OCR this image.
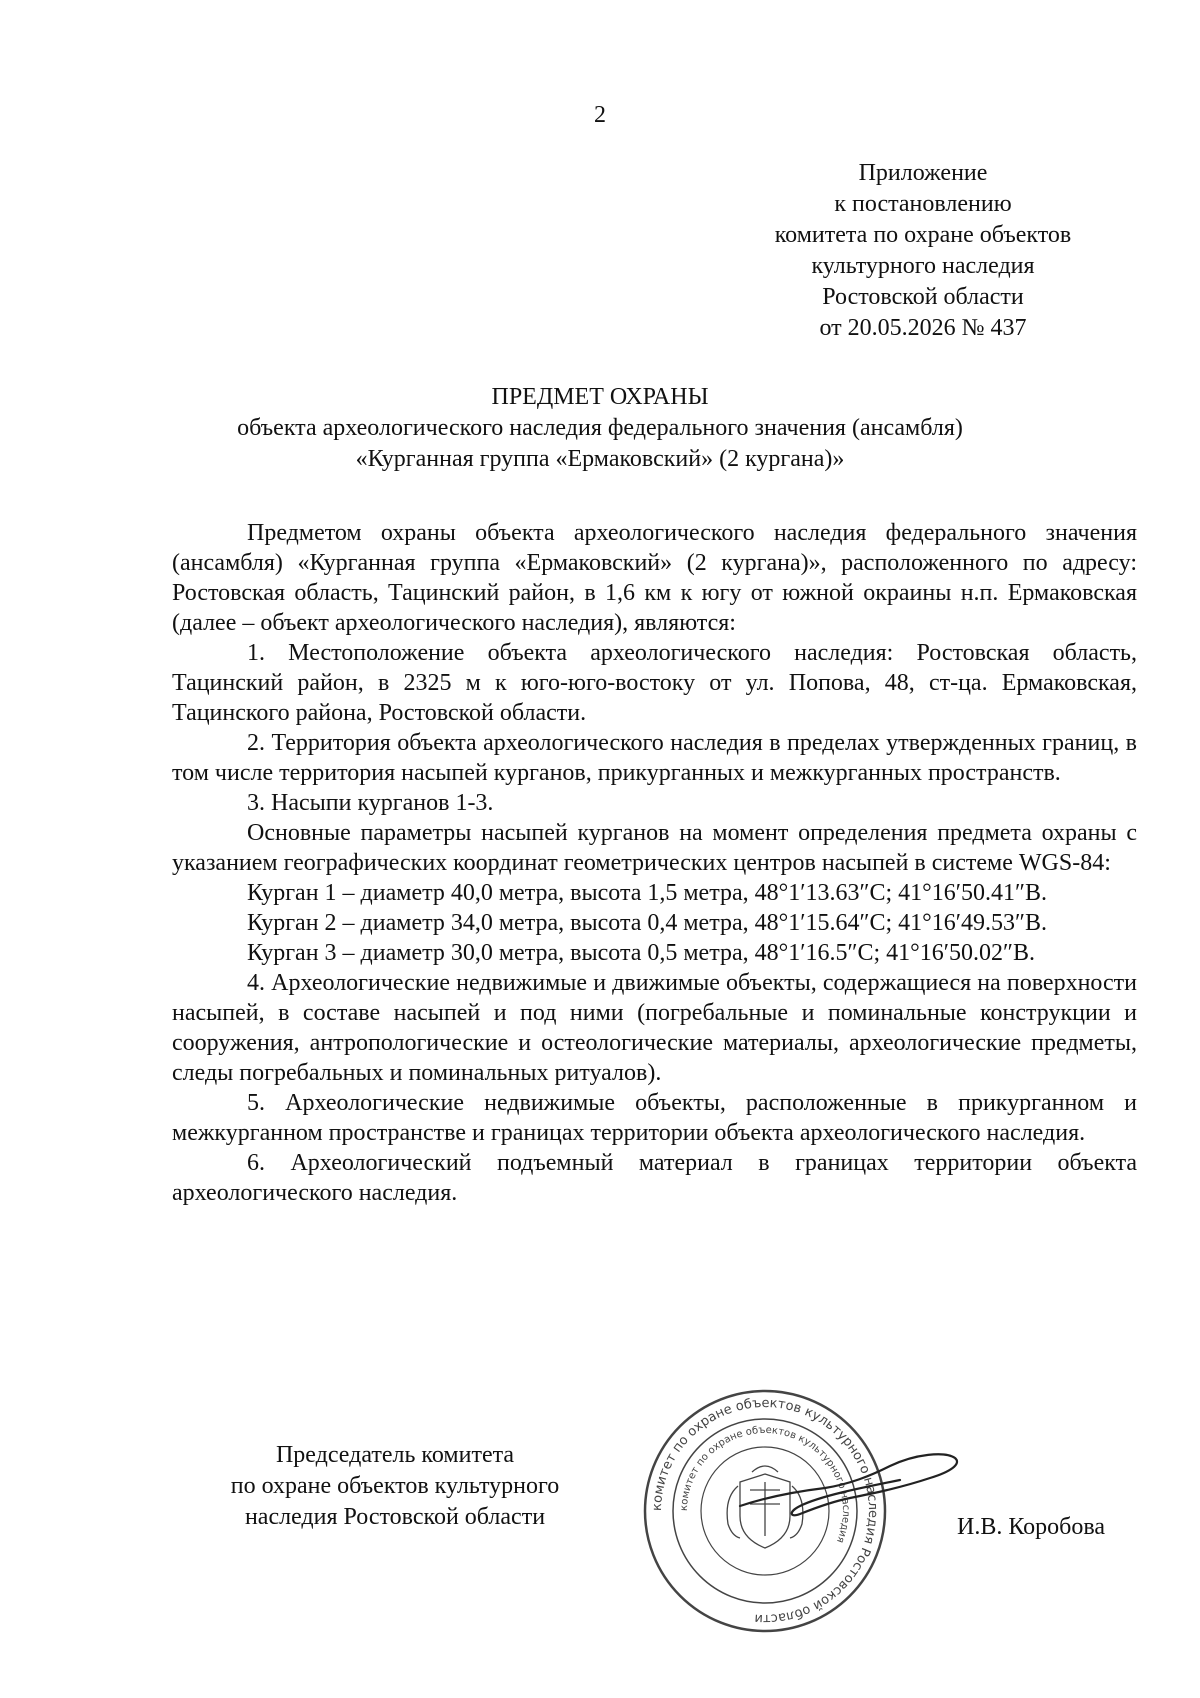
2
Приложение
к постановлению
комитета по охране объектов
культурного наследия
Ростовской области
от 20.05.2026 № 437
ПРЕДМЕТ ОХРАНЫ
объекта археологического наследия федерального значения (ансамбля)
«Курганная группа «Ермаковский» (2 кургана)»

Предметом охраны объекта археологического наследия федерального значения (ансамбля) «Курганная группа «Ермаковский» (2 кургана)», расположенного по адресу: Ростовская область, Тацинский район, в 1,6 км к югу от южной окраины н.п. Ермаковская (далее – объект археологического наследия), являются:

1. Местоположение объекта археологического наследия: Ростовская область, Тацинский район, в 2325 м к юго-юго-востоку от ул. Попова, 48, ст-ца. Ермаковская, Тацинского района, Ростовской области.

2. Территория объекта археологического наследия в пределах утвержденных границ, в том числе территория насыпей курганов, прикурганных и межкурганных пространств.

3. Насыпи курганов 1-3.

Основные параметры насыпей курганов на момент определения предмета охраны с указанием географических координат геометрических центров насыпей в системе WGS-84:

Курган 1 – диаметр 40,0 метра, высота 1,5 метра, 48°1′13.63″С; 41°16′50.41″В.
Курган 2 – диаметр 34,0 метра, высота 0,4 метра, 48°1′15.64″С; 41°16′49.53″В.
Курган 3 – диаметр 30,0 метра, высота 0,5 метра, 48°1′16.5″С; 41°16′50.02″В.

4. Археологические недвижимые и движимые объекты, содержащиеся на поверхности насыпей, в составе насыпей и под ними (погребальные и поминальные конструкции и сооружения, антропологические и остеологические материалы, археологические предметы, следы погребальных и поминальных ритуалов).

5. Археологические недвижимые объекты, расположенные в прикурганном и межкурганном пространстве и границах территории объекта археологического наследия.

6. Археологический подъемный материал в границах территории объекта археологического наследия.

Председатель комитета
по охране объектов культурного
наследия Ростовской области	комитет по охране объектов культурного наследия Ростовской области
комитет по охране объектов культурного наследия	И.В. Коробова
